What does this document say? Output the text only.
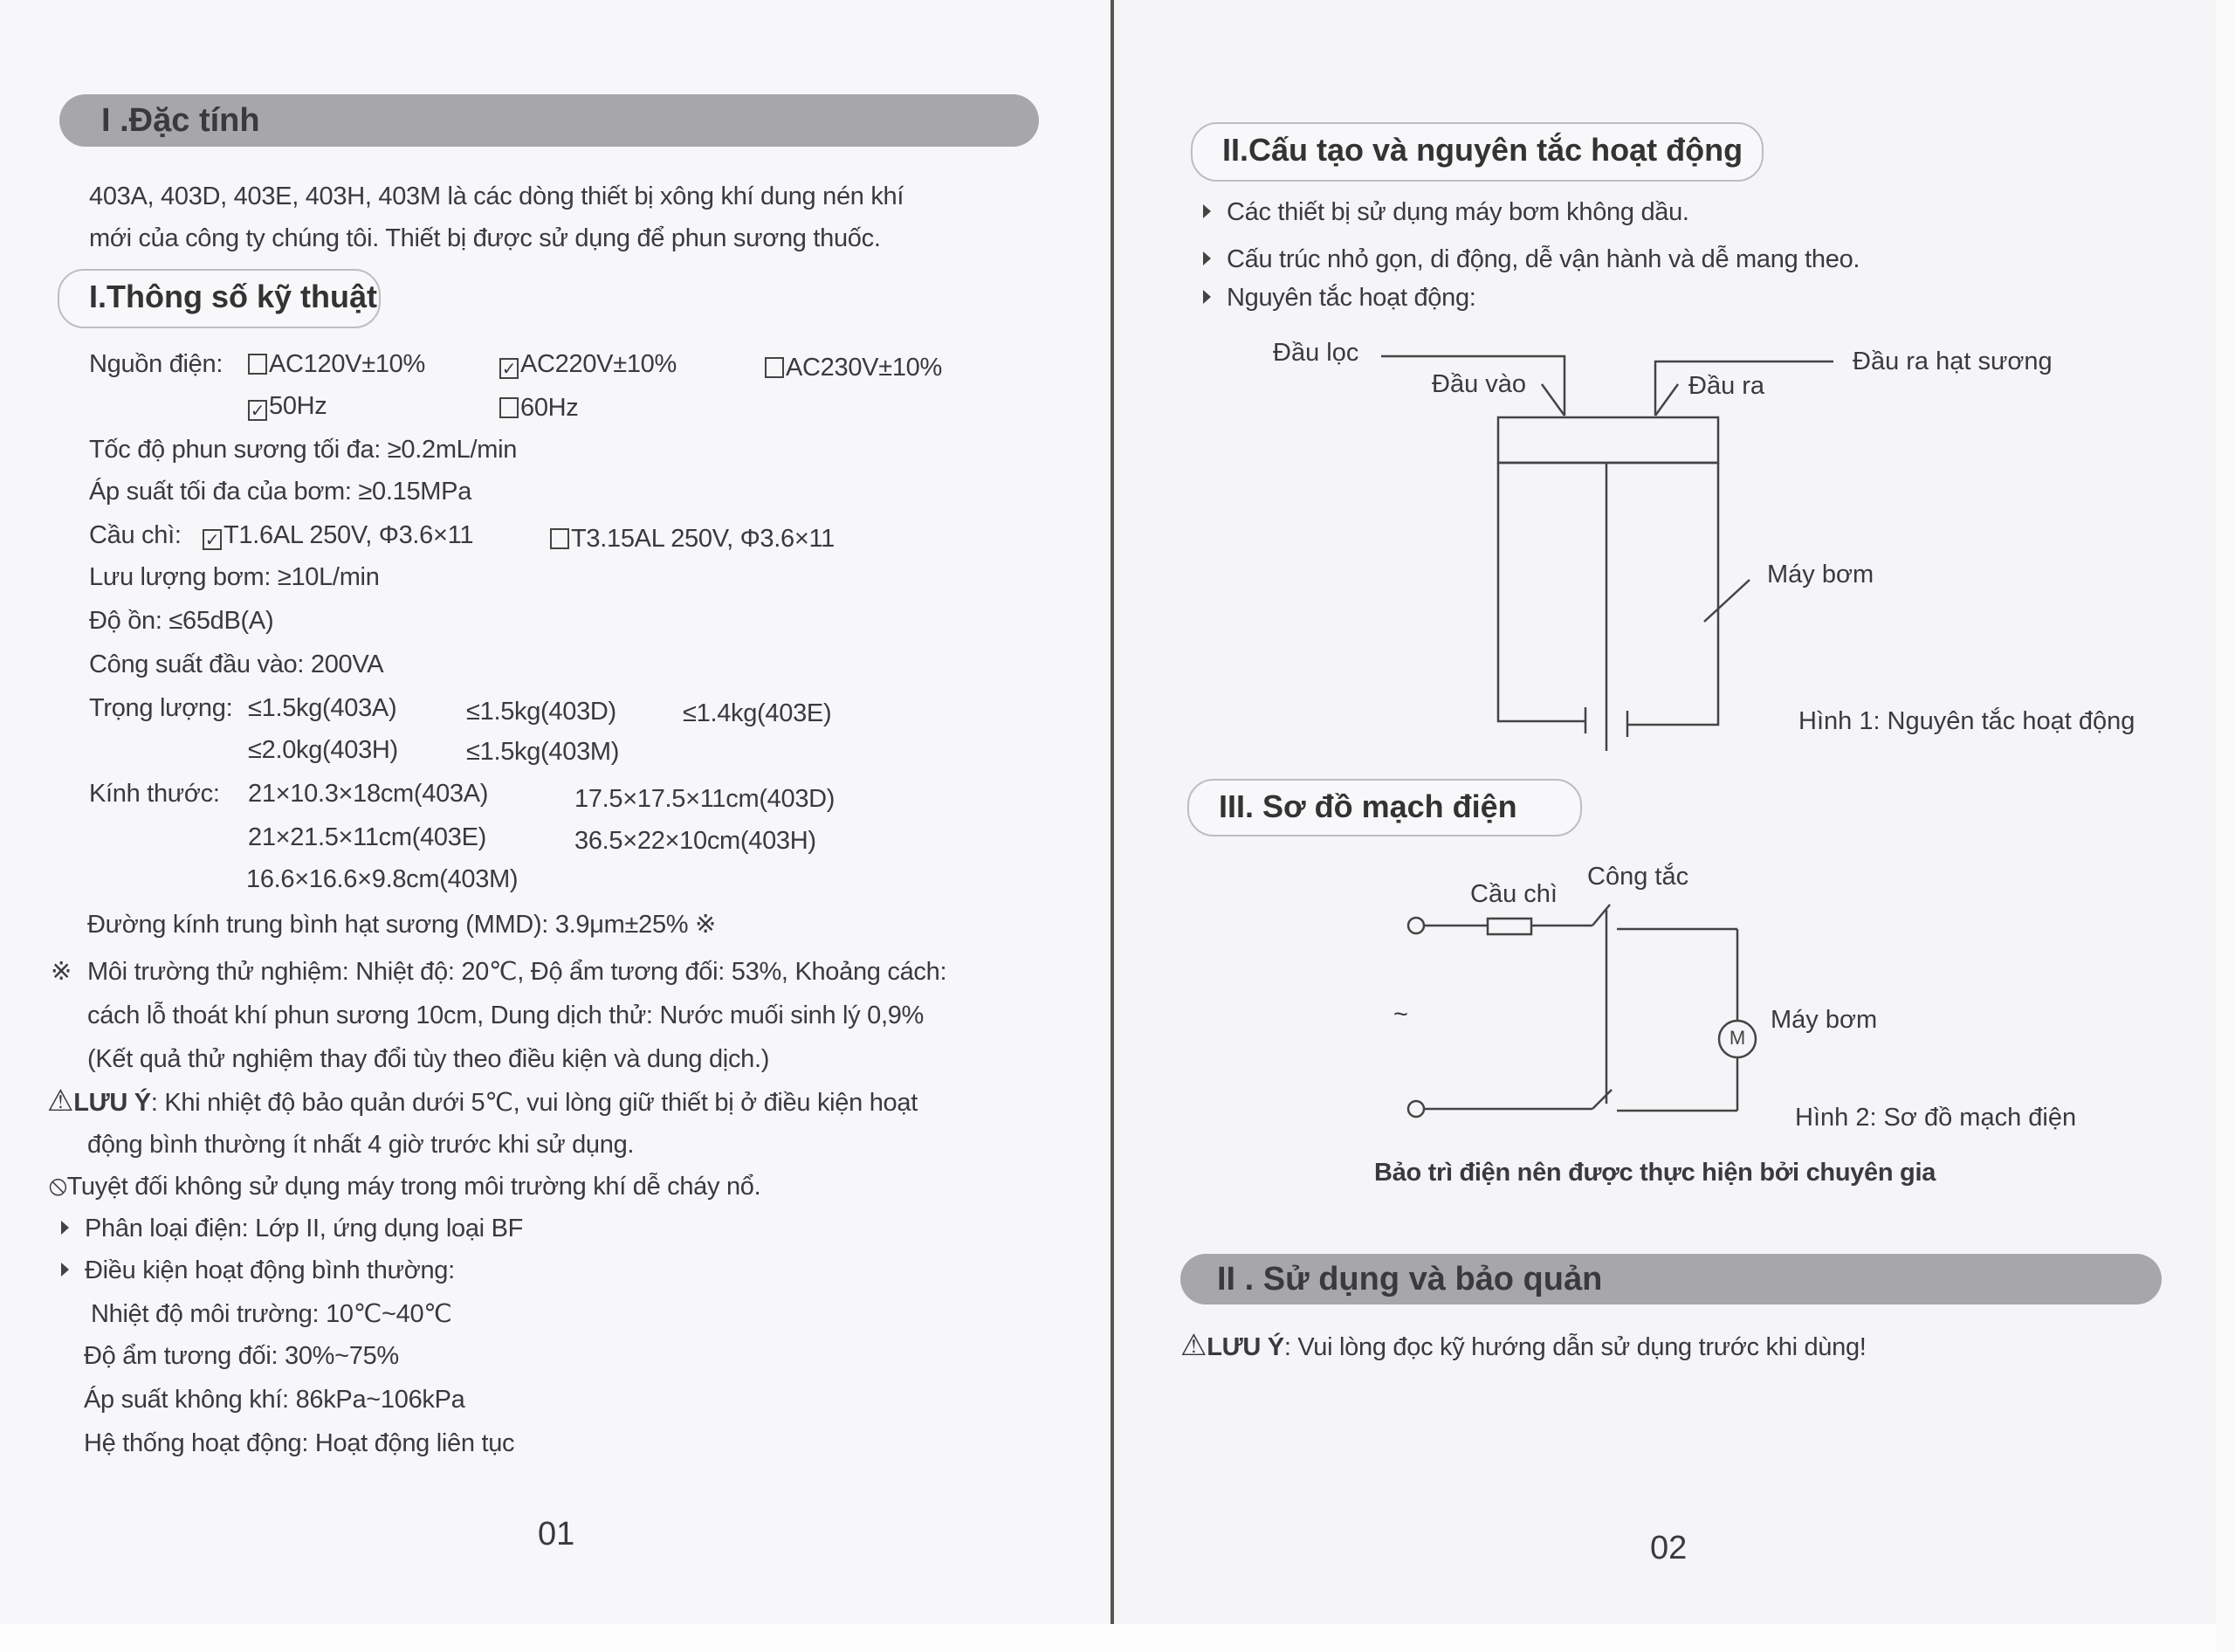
I .Đặc tính
403A, 403D, 403E, 403H, 403M là các dòng thiết bị xông khí dung nén khí
mới của công ty chúng tôi. Thiết bị được sử dụng để phun sương thuốc.
I.Thông số kỹ thuật
Nguồn điện:	AC120V±10%	✓ AC220V±10%	AC230V±10%
✓ 50Hz	60Hz
Tốc độ phun sương tối đa: ≥0.2mL/min
Áp suất tối đa của bơm: ≥0.15MPa
Cầu chì: ✓ T1.6AL 250V, Φ3.6×11	T3.15AL 250V, Φ3.6×11
Lưu lượng bơm: ≥10L/min
Độ ồn: ≤65dB(A)
Công suất đầu vào: 200VA
Trọng lượng: ≤1.5kg(403A)	≤1.5kg(403D)	≤1.4kg(403E)
≤2.0kg(403H)	≤1.5kg(403M)
Kính thước: 21×10.3×18cm(403A)	17.5×17.5×11cm(403D)
21×21.5×11cm(403E)	36.5×22×10cm(403H)
16.6×16.6×9.8cm(403M)
Đường kính trung bình hạt sương (MMD): 3.9μm±25% ※
※ Môi trường thử nghiệm: Nhiệt độ: 20℃, Độ ẩm tương đối: 53%, Khoảng cách:
cách lỗ thoát khí phun sương 10cm, Dung dịch thử: Nước muối sinh lý 0,9%
(Kết quả thử nghiệm thay đổi tùy theo điều kiện và dung dịch.)
⚠LƯU Ý: Khi nhiệt độ bảo quản dưới 5℃, vui lòng giữ thiết bị ở điều kiện hoạt
động bình thường ít nhất 4 giờ trước khi sử dụng.
⦸Tuyệt đối không sử dụng máy trong môi trường khí dễ cháy nổ.
Phân loại điện: Lớp II, ứng dụng loại BF
Điều kiện hoạt động bình thường:
Nhiệt độ môi trường: 10℃~40℃
Độ ẩm tương đối: 30%~75%
Áp suất không khí: 86kPa~106kPa
Hệ thống hoạt động: Hoạt động liên tục
01
II.Cấu tạo và nguyên tắc hoạt động
Các thiết bị sử dụng máy bơm không dầu.
Cấu trúc nhỏ gọn, di động, dễ vận hành và dễ mang theo.
Nguyên tắc hoạt động:
Đầu lọc
Đầu vào	Đầu ra
Đầu ra hạt sương
Máy bơm
Hình 1: Nguyên tắc hoạt động
III. Sơ đồ mạch điện
M
Cầu chì
Công tắc
~	Máy bơm
Hình 2: Sơ đồ mạch điện
Bảo trì điện nên được thực hiện bởi chuyên gia
II . Sử dụng và bảo quản
⚠LƯU Ý: Vui lòng đọc kỹ hướng dẫn sử dụng trước khi dùng!
02
